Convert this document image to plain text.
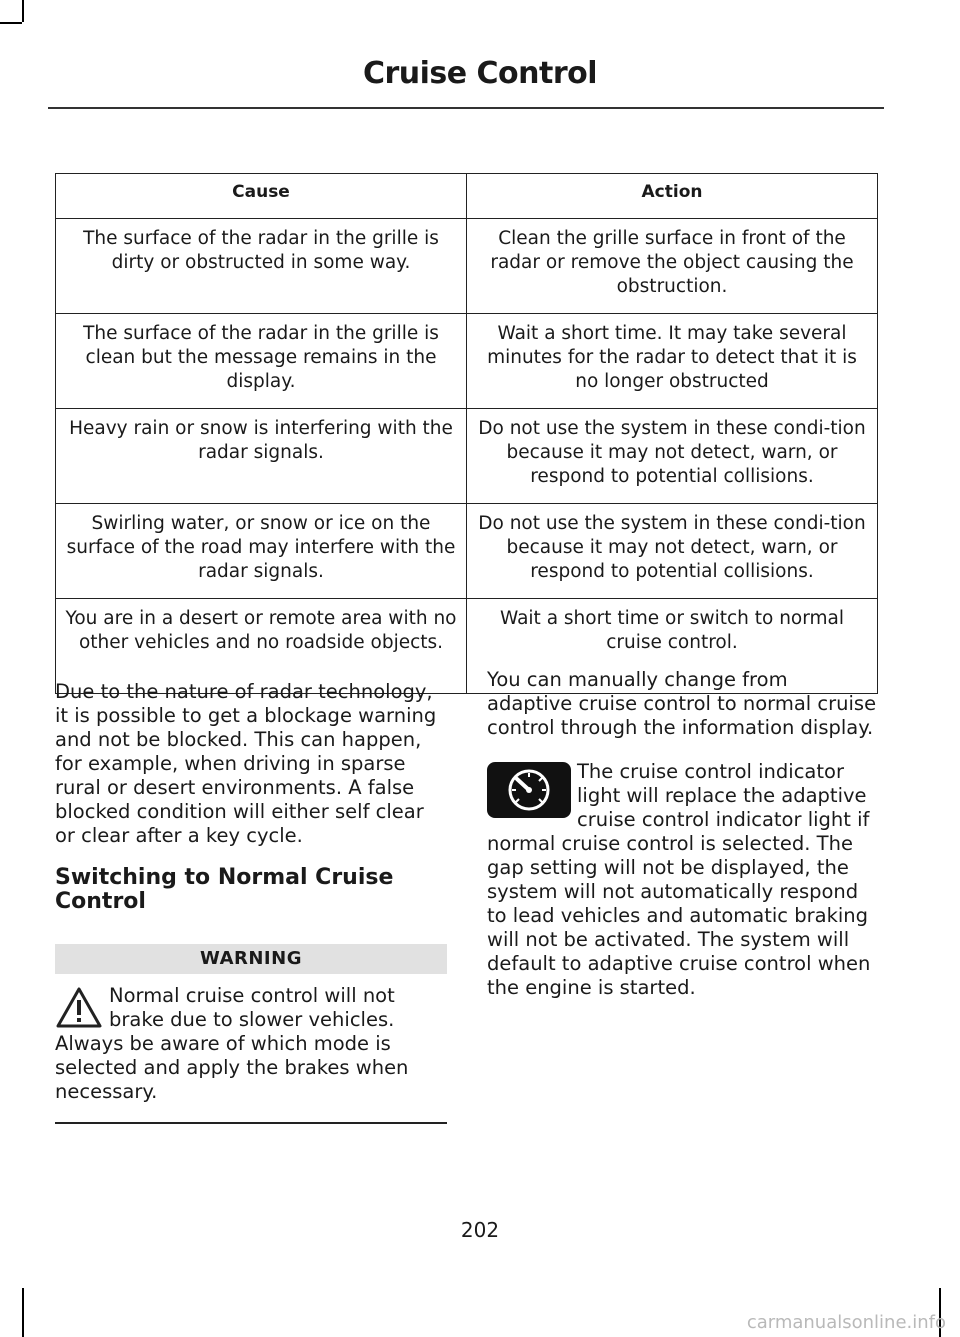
Cruise Control
Cause	Action
The surface of the radar in the grille is dirty or obstructed in some way.	Clean the grille surface in front of the radar or remove the object causing the obstruction.
The surface of the radar in the grille is clean but the message remains in the display.	Wait a short time. It may take several minutes for the radar to detect that it is no longer obstructed
Heavy rain or snow is interfering with the radar signals.	Do not use the system in these condi-tion because it may not detect, warn, or respond to potential collisions.
Swirling water, or snow or ice on the surface of the road may interfere with the radar signals.	Do not use the system in these condi-tion because it may not detect, warn, or respond to potential collisions.
You are in a desert or remote area with no other vehicles and no roadside objects.	Wait a short time or switch to normal cruise control.

Due to the nature of radar technology, it is possible to get a blockage warning and not be blocked. This can happen, for example, when driving in sparse rural or desert environments. A false blocked condition will either self clear or clear after a key cycle.

Switching to Normal Cruise Control
WARNING

Normal cruise control will not brake due to slower vehicles. Always be aware of which mode is selected and apply the brakes when necessary.

You can manually change from adaptive cruise control to normal cruise control through the information display.

The cruise control indicator light will replace the adaptive cruise control indicator light if normal cruise control is selected. The gap setting will not be displayed, the system will not automatically respond to lead vehicles and automatic braking will not be activated. The system will default to adaptive cruise control when the engine is started.

202
carmanualsonline.info
